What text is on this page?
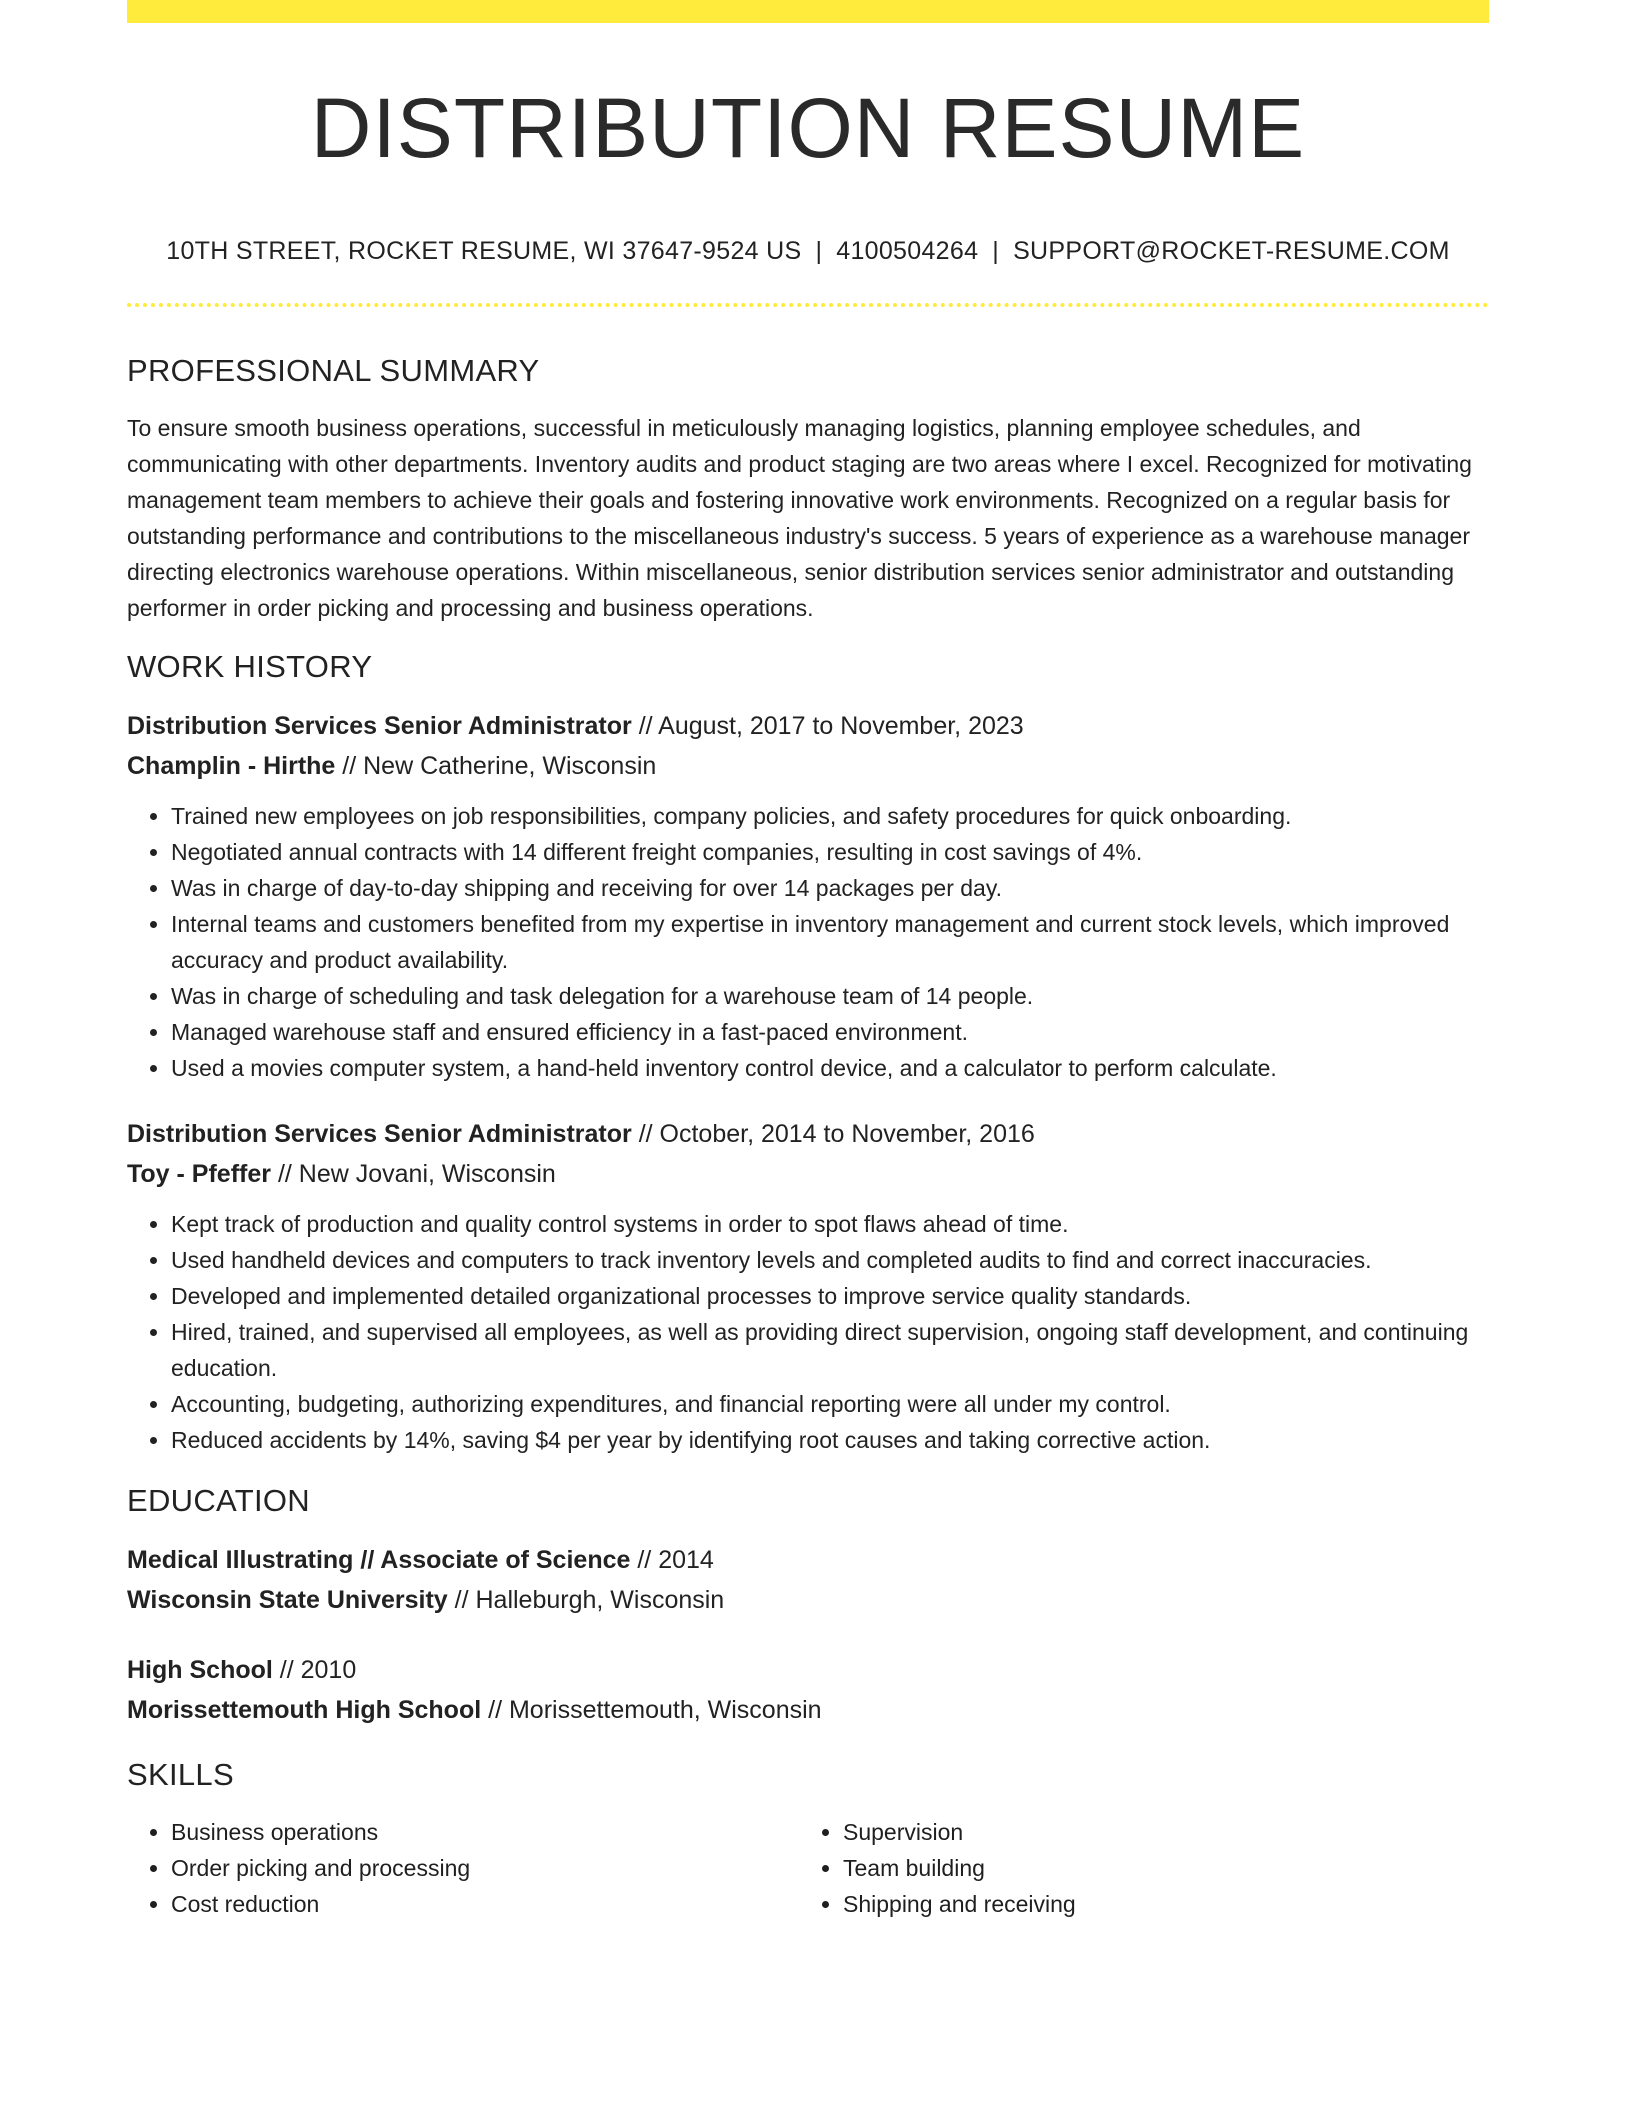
DISTRIBUTION RESUME
10TH STREET, ROCKET RESUME, WI 37647-9524 US | 4100504264 | SUPPORT@ROCKET-RESUME.COM
PROFESSIONAL SUMMARY

To ensure smooth business operations, successful in meticulously managing logistics, planning employee schedules, and communicating with other departments. Inventory audits and product staging are two areas where I excel. Recognized for motivating management team members to achieve their goals and fostering innovative work environments. Recognized on a regular basis for outstanding performance and contributions to the miscellaneous industry's success. 5 years of experience as a warehouse manager directing electronics warehouse operations. Within miscellaneous, senior distribution services senior administrator and outstanding performer in order picking and processing and business operations.

WORK HISTORY
Distribution Services Senior Administrator // August, 2017 to November, 2023
Champlin - Hirthe // New Catherine, Wisconsin
• Trained new employees on job responsibilities, company policies, and safety procedures for quick onboarding.
• Negotiated annual contracts with 14 different freight companies, resulting in cost savings of 4%.
• Was in charge of day-to-day shipping and receiving for over 14 packages per day.
• Internal teams and customers benefited from my expertise in inventory management and current stock levels, which improved accuracy and product availability.
• Was in charge of scheduling and task delegation for a warehouse team of 14 people.
• Managed warehouse staff and ensured efficiency in a fast-paced environment.
• Used a movies computer system, a hand-held inventory control device, and a calculator to perform calculate.
Distribution Services Senior Administrator // October, 2014 to November, 2016
Toy - Pfeffer // New Jovani, Wisconsin
• Kept track of production and quality control systems in order to spot flaws ahead of time.
• Used handheld devices and computers to track inventory levels and completed audits to find and correct inaccuracies.
• Developed and implemented detailed organizational processes to improve service quality standards.
• Hired, trained, and supervised all employees, as well as providing direct supervision, ongoing staff development, and continuing education.
• Accounting, budgeting, authorizing expenditures, and financial reporting were all under my control.
• Reduced accidents by 14%, saving $4 per year by identifying root causes and taking corrective action.
EDUCATION
Medical Illustrating // Associate of Science // 2014
Wisconsin State University // Halleburgh, Wisconsin
High School // 2010
Morissettemouth High School // Morissettemouth, Wisconsin
SKILLS
• Business operations
• Order picking and processing
• Cost reduction
• Supervision
• Team building
• Shipping and receiving
